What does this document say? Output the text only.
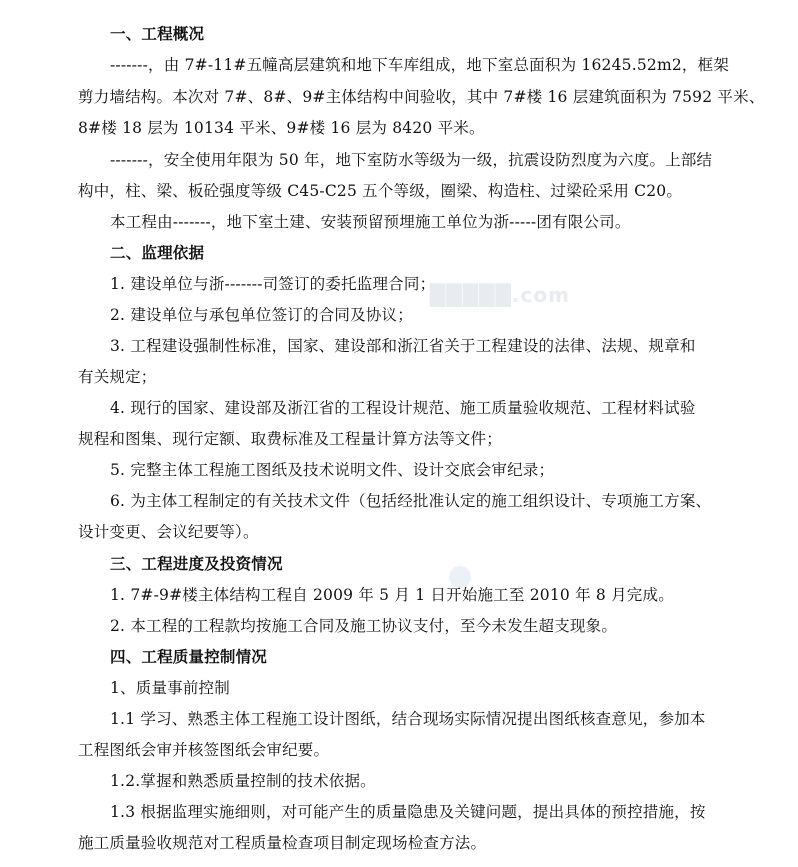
█████.com
一、工程概况
-------，由 7#-11#五幢高层建筑和地下车库组成，地下室总面积为 16245.52m2，框架
剪力墙结构。本次对 7#、8#、9#主体结构中间验收，其中 7#楼 16 层建筑面积为 7592 平米、
8#楼 18 层为 10134 平米、9#楼 16 层为 8420 平米。
-------，安全使用年限为 50 年，地下室防水等级为一级，抗震设防烈度为六度。上部结
构中，柱、梁、板砼强度等级 C45-C25 五个等级，圈梁、构造柱、过梁砼采用 C20。
本工程由-------，地下室土建、安装预留预埋施工单位为浙-----团有限公司。
二、监理依据
1. 建设单位与浙-------司签订的委托监理合同；
2. 建设单位与承包单位签订的合同及协议；
3. 工程建设强制性标准，国家、建设部和浙江省关于工程建设的法律、法规、规章和
有关规定；
4. 现行的国家、建设部及浙江省的工程设计规范、施工质量验收规范、工程材料试验
规程和图集、现行定额、取费标准及工程量计算方法等文件；
5. 完整主体工程施工图纸及技术说明文件、设计交底会审纪录；
6. 为主体工程制定的有关技术文件（包括经批准认定的施工组织设计、专项施工方案、
设计变更、会议纪要等）。
三、工程进度及投资情况
1. 7#-9#楼主体结构工程自 2009 年 5 月 1 日开始施工至 2010 年 8 月完成。
2. 本工程的工程款均按施工合同及施工协议支付，至今未发生超支现象。
四、工程质量控制情况
1、质量事前控制
1.1 学习、熟悉主体工程施工设计图纸，结合现场实际情况提出图纸核查意见，参加本
工程图纸会审并核签图纸会审纪要。
1.2.掌握和熟悉质量控制的技术依据。
1.3 根据监理实施细则，对可能产生的质量隐患及关键问题，提出具体的预控措施，按
施工质量验收规范对工程质量检查项目制定现场检查方法。
